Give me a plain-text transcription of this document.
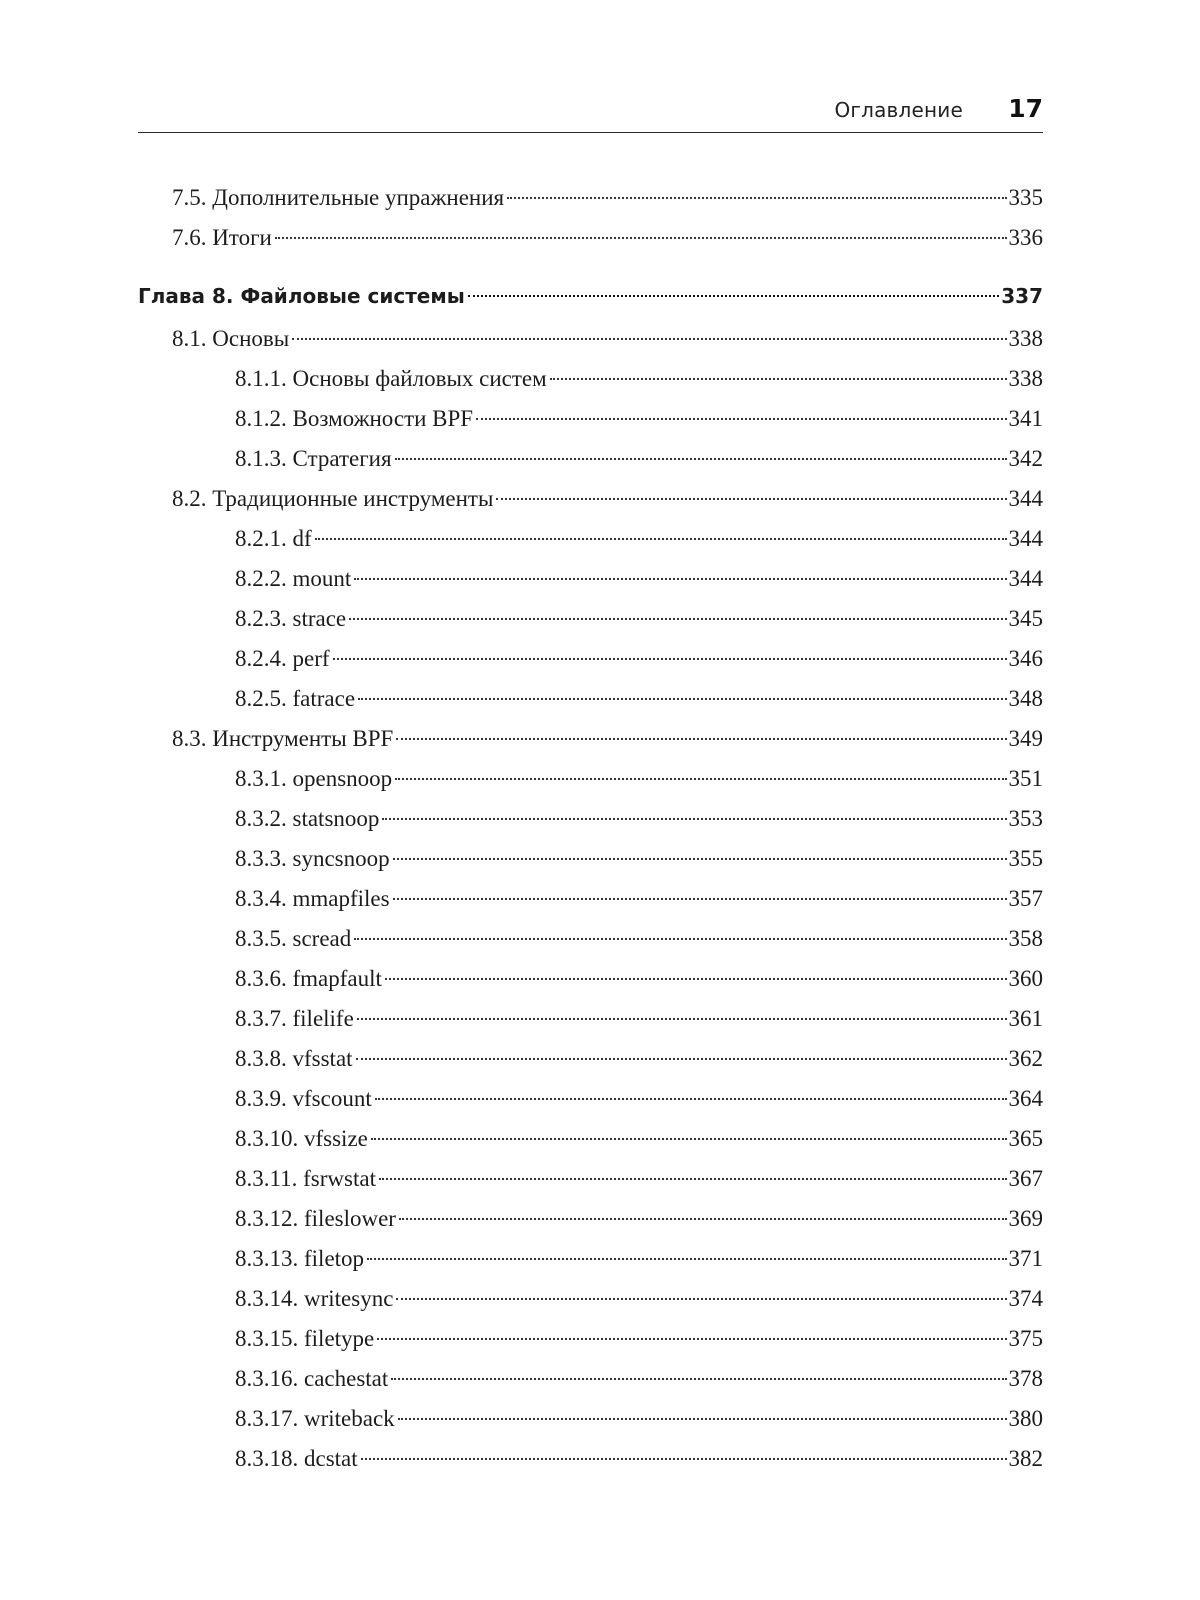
Оглавление 17
7.5. Дополнительные упражнения	335
7.6. Итоги	336
Глава 8. Файловые системы	337
8.1. Основы	338
8.1.1. Основы файловых систем	338
8.1.2. Возможности BPF	341
8.1.3. Стратегия	342
8.2. Традиционные инструменты	344
8.2.1. df	344
8.2.2. mount	344
8.2.3. strace	345
8.2.4. perf	346
8.2.5. fatrace	348
8.3. Инструменты BPF	349
8.3.1. opensnoop	351
8.3.2. statsnoop	353
8.3.3. syncsnoop	355
8.3.4. mmapfiles	357
8.3.5. scread	358
8.3.6. fmapfault	360
8.3.7. filelife	361
8.3.8. vfsstat	362
8.3.9. vfscount	364
8.3.10. vfssize	365
8.3.11. fsrwstat	367
8.3.12. fileslower	369
8.3.13. filetop	371
8.3.14. writesync	374
8.3.15. filetype	375
8.3.16. cachestat	378
8.3.17. writeback	380
8.3.18. dcstat	382
